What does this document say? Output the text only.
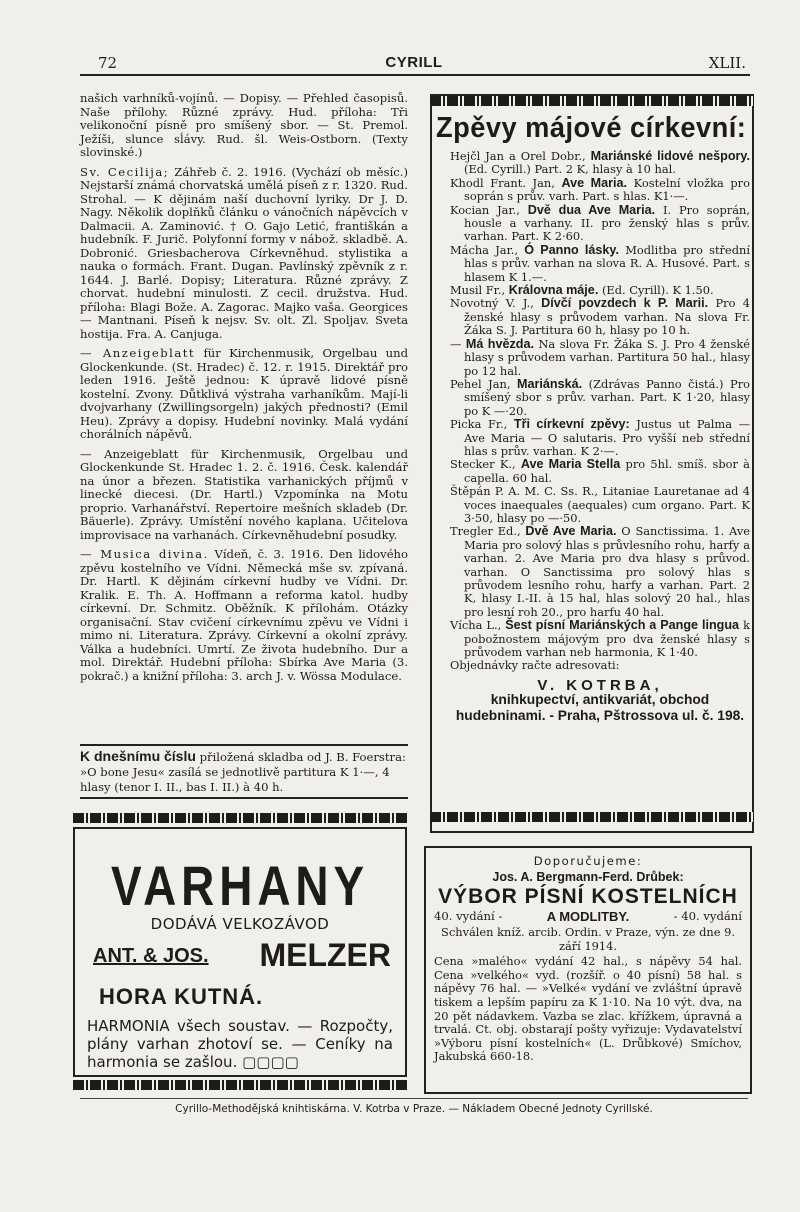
72	CYRILL	XLII.

našich varhníků-vojínů. — Dopisy. — Přehled časopisů. Naše přílohy. Různé zprávy. Hud. příloha: Tři velikonoční písně pro smíšený sbor. — St. Premol. Ježíši, slunce sĺávy. Rud. šl. Weis-Ostborn. (Texty slovinské.)

Sv. Cecilija; Záhřeb č. 2. 1916. (Vychází ob měsíc.) Nejstarší známá chorvatská umělá píseň z r. 1320. Rud. Strohal. — K dějinám naší duchovní lyriky. Dr J. D. Nagy. Několik doplňků článku o vánočních nápěvcích v Dalmacii. A. Zaminović. † O. Gajo Letić, františkán a hudebník. F. Jurič. Polyfonní formy v nábož. skladbě. A. Dobronić. Griesbacherova Církevněhud. stylistika a nauka o formách. Frant. Dugan. Pavlínský zpěvník z r. 1644. J. Barlé. Dopisy; Literatura. Různé zprávy. Z chorvat. hudební minulosti. Z cecil. družstva. Hud. příloha: Blagi Bože. A. Zagorac. Majko vaša. Georgices — Mantnani. Píseň k nejsv. Sv. olt. Zl. Spoljav. Sveta hostija. Fra. A. Canjuga.

— Anzeigeblatt für Kirchenmusik, Orgelbau und Glockenkunde. (St. Hradec) č. 12. r. 1915. Direktář pro leden 1916. Ještě jednou: K úpravě lidové písně kostelní. Zvony. Důtklivá výstraha varhaníkům. Mají-li dvojvarhany (Zwillingsorgeln) jakých přednosti? (Emil Heu). Zprávy a dopisy. Hudební novinky. Malá vydání chorálních nápěvů.

— Anzeigeblatt für Kirchenmusik, Orgelbau und Glockenkunde St. Hradec 1. 2. č. 1916. Česk. kalendář na únor a březen. Statistika varhanických příjmů v linecké diecesi. (Dr. Hartl.) Vzpomínka na Motu proprio. Varhanářství. Repertoire mešních skladeb (Dr. Bäuerle). Zprávy. Umístění nového kaplana. Učitelova improvisace na varhanách. Církevněhudební posudky.

— Musica divina. Vídeň, č. 3. 1916. Den lidového zpěvu kostelního ve Vídni. Německá mše sv. zpívaná. Dr. Hartl. K dějinám církevní hudby ve Vídni. Dr. Kralik. E. Th. A. Hoffmann a reforma katol. hudby církevní. Dr. Schmitz. Oběžník. K přílohám. Otázky organisační. Stav cvičení církevnímu zpěvu ve Vídni i mimo ni. Literatura. Zprávy. Církevní a okolní zprávy. Válka a hudebníci. Umrtí. Ze života hudebního. Dur a mol. Direktář. Hudební příloha: Sbírka Ave Maria (3. pokrač.) a knižní příloha: 3. arch J. v. Wössa Modulace.

K dnešnímu číslu přiložená skladba od J. B. Foerstra: »O bone Jesu« zasílá se jednotlivě partitura K 1·—, 4 hlasy (tenor I. II., bas I. II.) à 40 h.
VARHANY
DODÁVÁ VELKOZÁVOD
ANT. & JOS. MELZER
HORA KUTNÁ.
HARMONIA všech soustav. — Rozpočty, plány varhan zhotoví se. — Ceníky na harmonia se zašlou. ▢▢▢▢
Zpěvy májové církevní:

Hejčl Jan a Orel Dobr., Mariánské lidové nešpory. (Ed. Cyrill.) Part. 2 K, hlasy à 10 hal.

Khodl Frant. Jan, Ave Maria. Kostelní vložka pro soprán s prův. varh. Part. s hlas. K1·—.

Kocian Jar., Dvě dua Ave Maria. I. Pro soprán, housle a varhany. II. pro ženský hlas s prův. varhan. Part. K 2·60.

Mácha Jar., Ó Panno lásky. Modlitba pro střední hlas s prův. varhan na slova R. A. Husové. Part. s hlasem K 1.—.

Musil Fr., Královna máje. (Ed. Cyrill). K 1.50.

Novotný V. J., Dívčí povzdech k P. Marii. Pro 4 ženské hlasy s průvodem varhan. Na slova Fr. Žáka S. J. Partitura 60 h, hlasy po 10 h.

— Má hvězda. Na slova Fr. Žáka S. J. Pro 4 ženské hlasy s průvodem varhan. Partitura 50 hal., hlasy po 12 hal.

Pehel Jan, Mariánská. (Zdrávas Panno čistá.) Pro smíšený sbor s prův. varhan. Part. K 1·20, hlasy po K —·20.

Picka Fr., Tři církevní zpěvy: Justus ut Palma — Ave Maria — O salutaris. Pro vyšší neb střední hlas s prův. varhan. K 2·—.

Stecker K., Ave Maria Stella pro 5hl. smíš. sbor à capella. 60 hal.

Štěpán P. A. M. C. Ss. R., Litaniae Lauretanae ad 4 voces inaequales (aequales) cum organo. Part. K 3·50, hlasy po —·50.

Tregler Ed., Dvě Ave Maria. O Sanctissima. 1. Ave Maria pro solový hlas s průvlesního rohu, harfy a varhan. 2. Ave Maria pro dva hlasy s průvod. varhan. O Sanctissima pro solový hlas s průvodem lesního rohu, harfy a varhan. Part. 2 K, hlasy I.-II. à 15 hal, hlas solový 20 hal., hlas pro lesní roh 20., pro harfu 40 hal.

Vícha L., Šest písní Mariánských a Pange lingua k pobožnostem májovým pro dva ženské hlasy s průvodem varhan neb harmonia, K 1·40.

Objednávky račte adresovati:

V. KOTRBA,
knihkupectví, antikvariát, obchod hudebninami. - Praha, Pštrossova ul. č. 198.
Doporučujeme:
Jos. A. Bergmann-Ferd. Drůbek:
VÝBOR PÍSNÍ KOSTELNÍCH
40. vydání -	A MODLITBY.	- 40. vydání
Schválen kníž. arcib. Ordin. v Praze, výn. ze dne 9. září 1914.
Cena »malého« vydání 42 hal., s nápěvy 54 hal. Cena »velkého« vyd. (rozšíř. o 40 písní) 58 hal. s nápěvy 76 hal. — »Velké« vydání ve zvláštní úpravě tiskem a lepším papíru za K 1·10. Na 10 výt. dva, na 20 pět nádavkem. Vazba se zlac. křížkem, úpravná a trvalá. Ct. obj. obstarají pošty vyřizuje: Vydavatelství »Výboru písní kostelních« (L. Drůbkové) Smíchov, Jakubská 660-18.
Cyrillo-Methodějská knihtiskárna. V. Kotrba v Praze. — Nákladem Obecné Jednoty Cyrillské.
